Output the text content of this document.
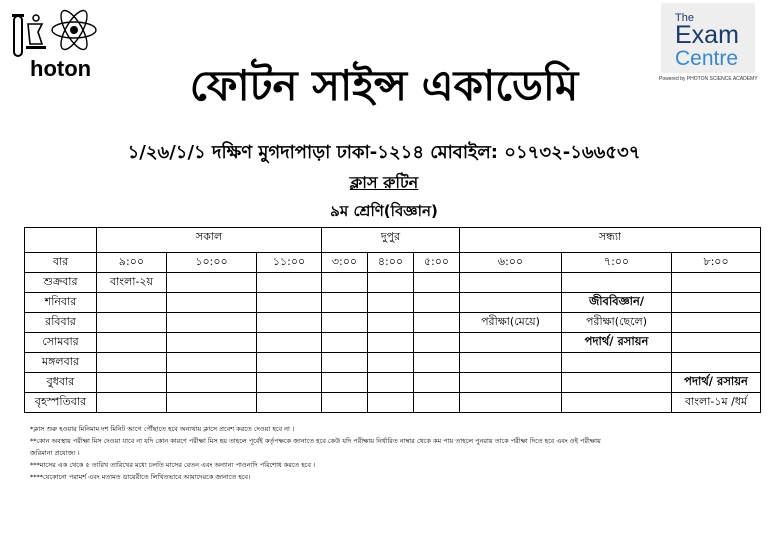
hoton
The
Exam
Centre
Powered by PHOTON SCIENCE ACADEMY
ফোটন সাইন্স একাডেমি
১/২৬/১/১ দক্ষিণ মুগদাপাড়া ঢাকা-১২১৪ মোবাইল: ০১৭৩২-১৬৬৫৩৭
ক্লাস রুটিন
৯ম শ্রেণি(বিজ্ঞান)
	সকাল			দুপুর			সন্ধ্যা		
বার	৯:০০	১০:০০	১১:০০	৩:০০	৪:০০	৫:০০	৬:০০	৭:০০	৮:০০
শুক্রবার	বাংলা-২য়								
শনিবার								জীববিজ্ঞান/	
রবিবার							পরীক্ষা(মেয়ে)	পরীক্ষা(ছেলে)	
সোমবার								পদার্থ/ রসায়ন	
মঙ্গলবার									
বুধবার									পদার্থ/ রসায়ন
বৃহস্পতিবার									বাংলা-১ম /ধর্ম
*ক্লাস শুরু হওয়ার মিনিমাম দশ মিনিট আগে পৌঁছাতে হবে অন্যথায় ক্লাসে প্রবেশ করতে দেওয়া হবে না ।
**কোন অবস্থায় পরীক্ষা মিস দেওয়া যাবে না যদি কোন কারণে পরীক্ষা মিস হয় তাহলে পূর্বেই কর্তৃপক্ষকে জানাতে হবে কেউ যদি পরীক্ষায় নির্ধারিত নাম্বার থেকে কম পায় তাহলে পুনরায় তাকে পরীক্ষা দিতে হবে এবং ওই পরীক্ষায়
জরিমানা প্রযোজ্য ।
***মাসের এক থেকে ৫ তারিখ তারিখের মধ্যে চলতি মাসের বেতন এবং অন্যান্য পাওনাদি পরিশোধ করতে হবে ।
****যেকোনো পরামর্শ এবং মতামত ডায়েরীতে লিখিতভাবে আমাদেরকে জানাতে হবে।
